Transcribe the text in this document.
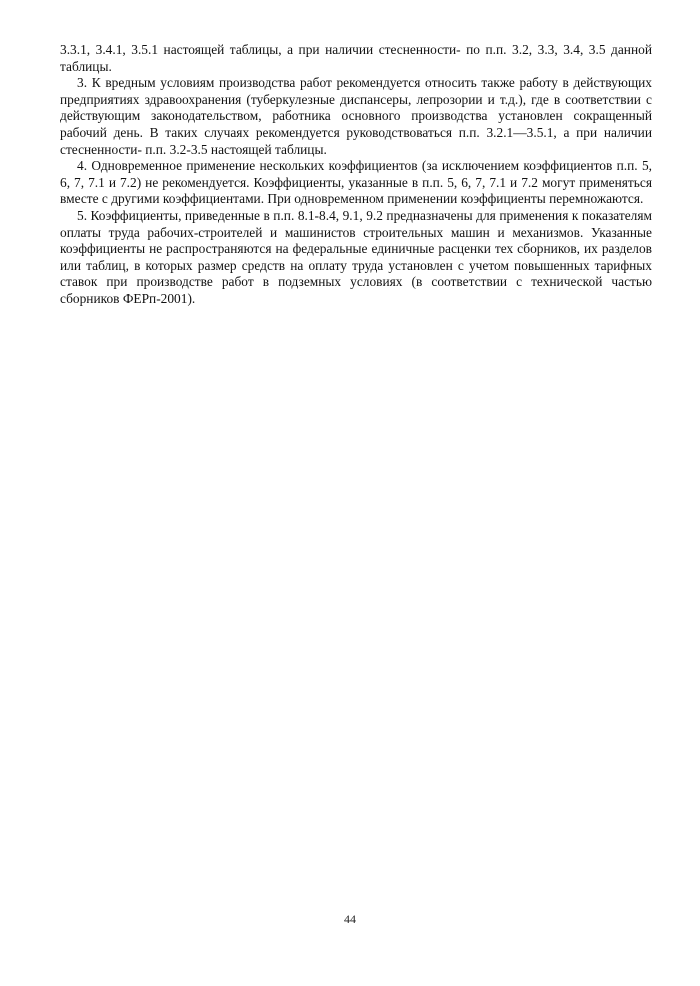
3.3.1, 3.4.1, 3.5.1 настоящей таблицы, а при наличии стесненности- по п.п. 3.2, 3.3, 3.4, 3.5 данной таблицы.

3. К вредным условиям производства работ рекомендуется относить также работу в действующих предприятиях здравоохранения (туберкулезные диспансеры, лепрозории и т.д.), где в соответствии с действующим законодательством, работника основного производства установлен сокращенный рабочий день. В таких случаях рекомендуется руководствоваться п.п. 3.2.1—3.5.1, а при наличии стесненности- п.п. 3.2-3.5 настоящей таблицы.

4. Одновременное применение нескольких коэффициентов (за исключением коэффициентов п.п. 5, 6, 7, 7.1 и 7.2) не рекомендуется. Коэффициенты, указанные в п.п. 5, 6, 7, 7.1 и 7.2 могут применяться вместе с другими коэффициентами. При одновременном применении коэффициенты перемножаются.

5. Коэффициенты, приведенные в п.п. 8.1-8.4, 9.1, 9.2 предназначены для применения к показателям оплаты труда рабочих-строителей и машинистов строительных машин и механизмов. Указанные коэффициенты не распространяются на федеральные единичные расценки тех сборников, их разделов или таблиц, в которых размер средств на оплату труда установлен с учетом повышенных тарифных ставок при производстве работ в подземных условиях (в соответствии с технической частью сборников ФЕРп-2001).

44
